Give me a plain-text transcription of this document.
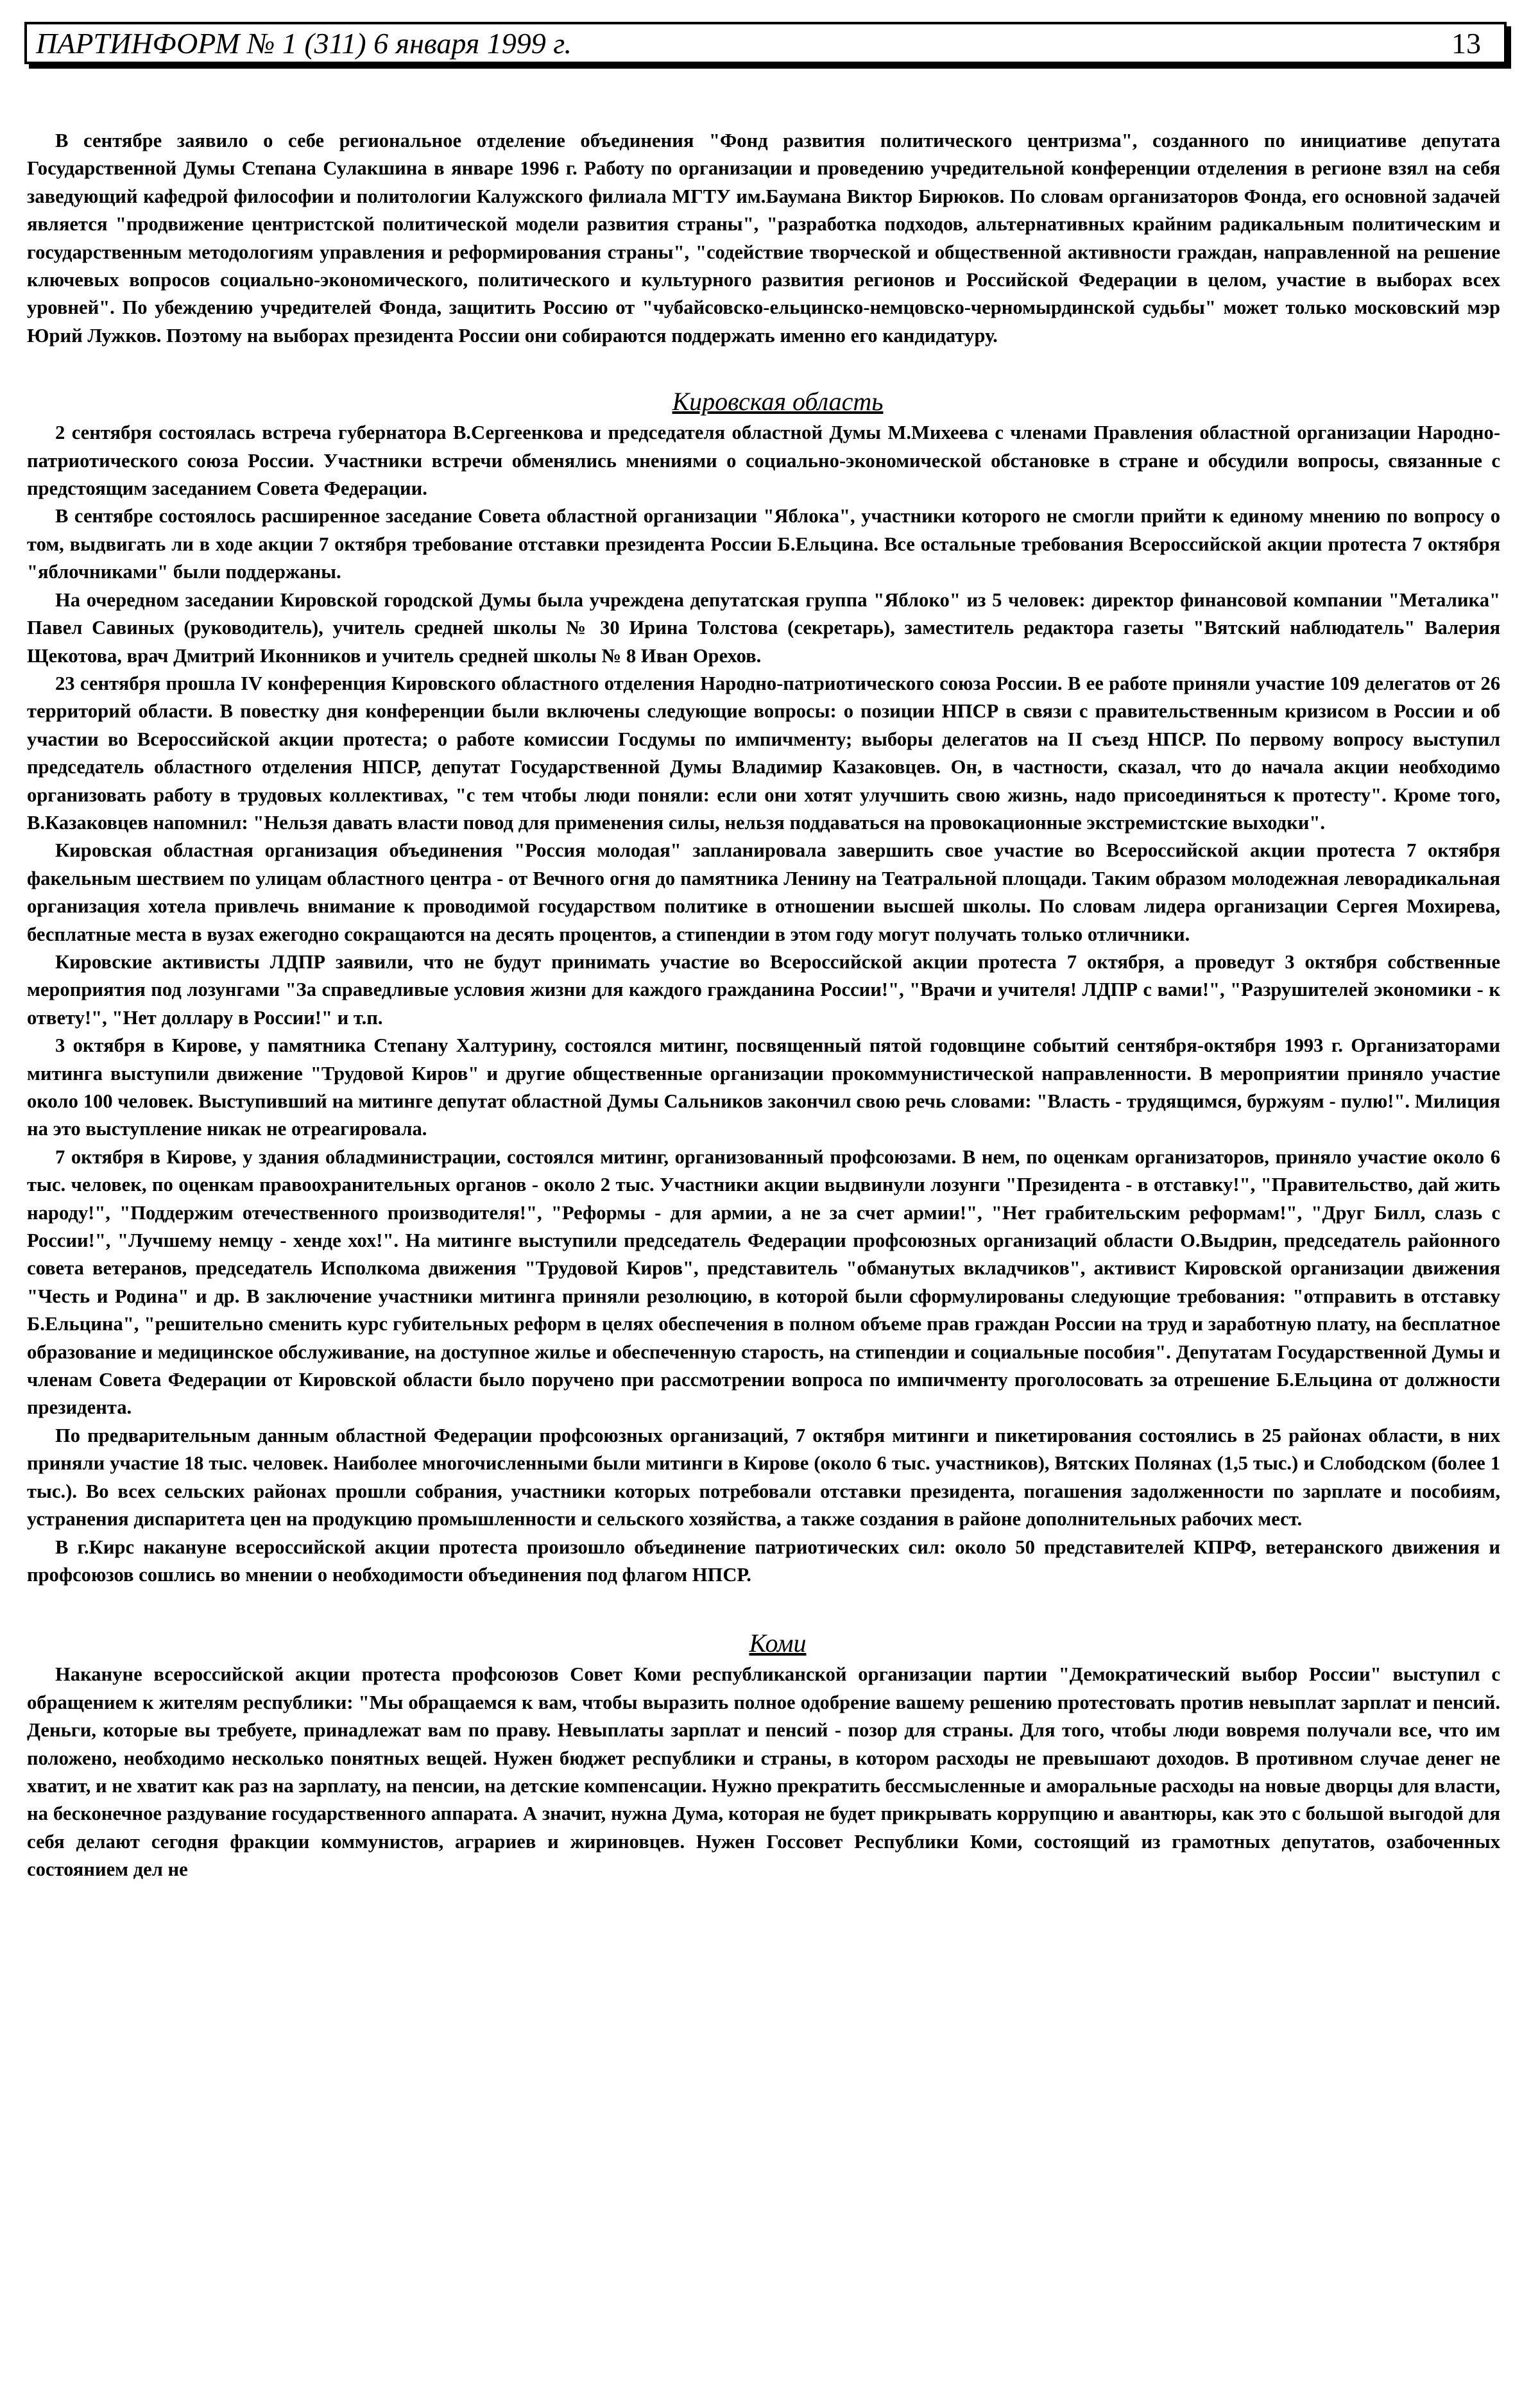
ПАРТИНФОРМ № 1 (311) 6 января 1999 г.	13

В сентябре заявило о себе региональное отделение объединения "Фонд развития политического центризма", созданного по инициативе депутата Государственной Думы Степана Сулакшина в январе 1996 г. Работу по организации и проведению учредительной конференции отделения в регионе взял на себя заведующий кафедрой философии и политологии Калужского филиала МГТУ им.Баумана Виктор Бирюков. По словам организаторов Фонда, его основной задачей является "продвижение центристской политической модели развития страны", "разработка подходов, альтернативных крайним радикальным политическим и государственным методологиям управления и реформирования страны", "содействие творческой и общественной активности граждан, направленной на решение ключевых вопросов социально-экономического, политического и культурного развития регионов и Российской Федерации в целом, участие в выборах всех уровней". По убеждению учредителей Фонда, защитить Россию от "чубайсовско-ельцинско-немцовско-черномырдинской судьбы" может только московский мэр Юрий Лужков. Поэтому на выборах президента России они собираются поддержать именно его кандидатуру.

Кировская область

2 сентября состоялась встреча губернатора В.Сергеенкова и председателя областной Думы М.Михеева с членами Правления областной организации Народно-патриотического союза России. Участники встречи обменялись мнениями о социально-экономической обстановке в стране и обсудили вопросы, связанные с предстоящим заседанием Совета Федерации.

В сентябре состоялось расширенное заседание Совета областной организации "Яблока", участники которого не смогли прийти к единому мнению по вопросу о том, выдвигать ли в ходе акции 7 октября требование отставки президента России Б.Ельцина. Все остальные требования Всероссийской акции протеста 7 октября "яблочниками" были поддержаны.

На очередном заседании Кировской городской Думы была учреждена депутатская группа "Яблоко" из 5 человек: директор финансовой компании "Металика" Павел Савиных (руководитель), учитель средней школы № 30 Ирина Толстова (секретарь), заместитель редактора газеты "Вятский наблюдатель" Валерия Щекотова, врач Дмитрий Иконников и учитель средней школы № 8 Иван Орехов.

23 сентября прошла IV конференция Кировского областного отделения Народно-патриотического союза России. В ее работе приняли участие 109 делегатов от 26 территорий области. В повестку дня конференции были включены следующие вопросы: о позиции НПСР в связи с правительственным кризисом в России и об участии во Всероссийской акции протеста; о работе комиссии Госдумы по импичменту; выборы делегатов на II съезд НПСР. По первому вопросу выступил председатель областного отделения НПСР, депутат Государственной Думы Владимир Казаковцев. Он, в частности, сказал, что до начала акции необходимо организовать работу в трудовых коллективах, "с тем чтобы люди поняли: если они хотят улучшить свою жизнь, надо присоединяться к протесту". Кроме того, В.Казаковцев напомнил: "Нельзя давать власти повод для применения силы, нельзя поддаваться на провокационные экстремистские выходки".

Кировская областная организация объединения "Россия молодая" запланировала завершить свое участие во Всероссийской акции протеста 7 октября факельным шествием по улицам областного центра - от Вечного огня до памятника Ленину на Театральной площади. Таким образом молодежная леворадикальная организация хотела привлечь внимание к проводимой государством политике в отношении высшей школы. По словам лидера организации Сергея Мохирева, бесплатные места в вузах ежегодно сокращаются на десять процентов, а стипендии в этом году могут получать только отличники.

Кировские активисты ЛДПР заявили, что не будут принимать участие во Всероссийской акции протеста 7 октября, а проведут 3 октября собственные мероприятия под лозунгами "За справедливые условия жизни для каждого гражданина России!", "Врачи и учителя! ЛДПР с вами!", "Разрушителей экономики - к ответу!", "Нет доллару в России!" и т.п.

3 октября в Кирове, у памятника Степану Халтурину, состоялся митинг, посвященный пятой годовщине событий сентября-октября 1993 г. Организаторами митинга выступили движение "Трудовой Киров" и другие общественные организации прокоммунистической направленности. В мероприятии приняло участие около 100 человек. Выступивший на митинге депутат областной Думы Сальников закончил свою речь словами: "Власть - трудящимся, буржуям - пулю!". Милиция на это выступление никак не отреагировала.

7 октября в Кирове, у здания обладминистрации, состоялся митинг, организованный профсоюзами. В нем, по оценкам организаторов, приняло участие около 6 тыс. человек, по оценкам правоохранительных органов - около 2 тыс. Участники акции выдвинули лозунги "Президента - в отставку!", "Правительство, дай жить народу!", "Поддержим отечественного производителя!", "Реформы - для армии, а не за счет армии!", "Нет грабительским реформам!", "Друг Билл, слазь с России!", "Лучшему немцу - хенде хох!". На митинге выступили председатель Федерации профсоюзных организаций области О.Выдрин, председатель районного совета ветеранов, председатель Исполкома движения "Трудовой Киров", представитель "обманутых вкладчиков", активист Кировской организации движения "Честь и Родина" и др. В заключение участники митинга приняли резолюцию, в которой были сформулированы следующие требования: "отправить в отставку Б.Ельцина", "решительно сменить курс губительных реформ в целях обеспечения в полном объеме прав граждан России на труд и заработную плату, на бесплатное образование и медицинское обслуживание, на доступное жилье и обеспеченную старость, на стипендии и социальные пособия". Депутатам Государственной Думы и членам Совета Федерации от Кировской области было поручено при рассмотрении вопроса по импичменту проголосовать за отрешение Б.Ельцина от должности президента.

По предварительным данным областной Федерации профсоюзных организаций, 7 октября митинги и пикетирования состоялись в 25 районах области, в них приняли участие 18 тыс. человек. Наиболее многочисленными были митинги в Кирове (около 6 тыс. участников), Вятских Полянах (1,5 тыс.) и Слободском (более 1 тыс.). Во всех сельских районах прошли собрания, участники которых потребовали отставки президента, погашения задолженности по зарплате и пособиям, устранения диспаритета цен на продукцию промышленности и сельского хозяйства, а также создания в районе дополнительных рабочих мест.

В г.Кирс накануне всероссийской акции протеста произошло объединение патриотических сил: около 50 представителей КПРФ, ветеранского движения и профсоюзов сошлись во мнении о необходимости объединения под флагом НПСР.

Коми

Накануне всероссийской акции протеста профсоюзов Совет Коми республиканской организации партии "Демократический выбор России" выступил с обращением к жителям республики: "Мы обращаемся к вам, чтобы выразить полное одобрение вашему решению протестовать против невыплат зарплат и пенсий. Деньги, которые вы требуете, принадлежат вам по праву. Невыплаты зарплат и пенсий - позор для страны. Для того, чтобы люди вовремя получали все, что им положено, необходимо несколько понятных вещей. Нужен бюджет республики и страны, в котором расходы не превышают доходов. В противном случае денег не хватит, и не хватит как раз на зарплату, на пенсии, на детские компенсации. Нужно прекратить бессмысленные и аморальные расходы на новые дворцы для власти, на бесконечное раздувание государственного аппарата. А значит, нужна Дума, которая не будет прикрывать коррупцию и авантюры, как это с большой выгодой для себя делают сегодня фракции коммунистов, аграриев и жириновцев. Нужен Госсовет Республики Коми, состоящий из грамотных депутатов, озабоченных состоянием дел не
